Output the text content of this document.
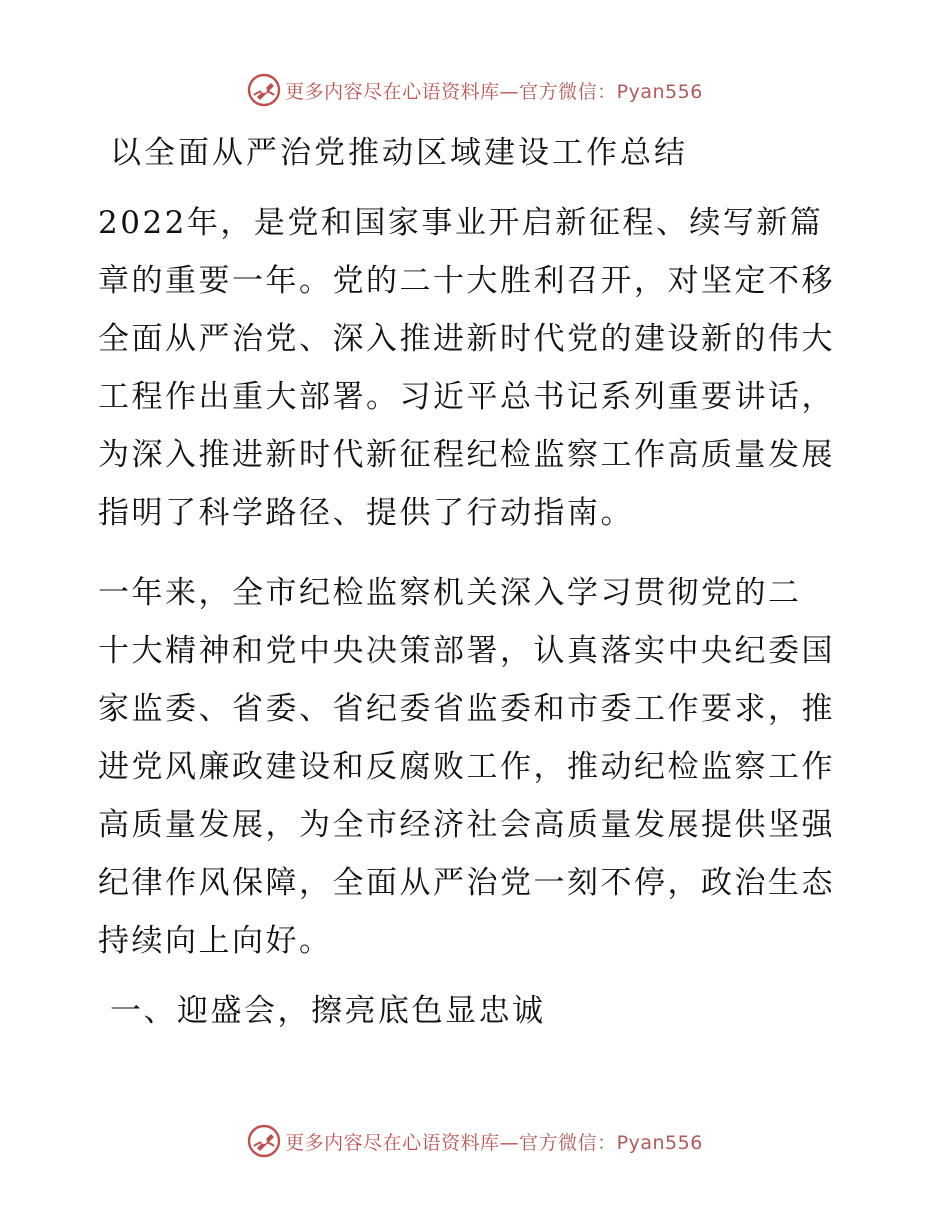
更多内容尽在心语资料库— 官方微信：Pyan556
以全面从严治党推动区域建设工作总结

2022年，是党和国家事业开启新征程、续写新篇
章的重要一年。党的二十大胜利召开，对坚定不移
全面从严治党、深入推进新时代党的建设新的伟大
工程作出重大部署。习近平总书记系列重要讲话，
为深入推进新时代新征程纪检监察工作高质量发展
指明了科学路径、提供了行动指南。

一年来，全市纪检监察机关深入学习贯彻党的二
十大精神和党中央决策部署，认真落实中央纪委国
家监委、省委、省纪委省监委和市委工作要求，推
进党风廉政建设和反腐败工作，推动纪检监察工作
高质量发展，为全市经济社会高质量发展提供坚强
纪律作风保障，全面从严治党一刻不停，政治生态
持续向上向好。

一、迎盛会，擦亮底色显忠诚
更多内容尽在心语资料库— 官方微信：Pyan556
